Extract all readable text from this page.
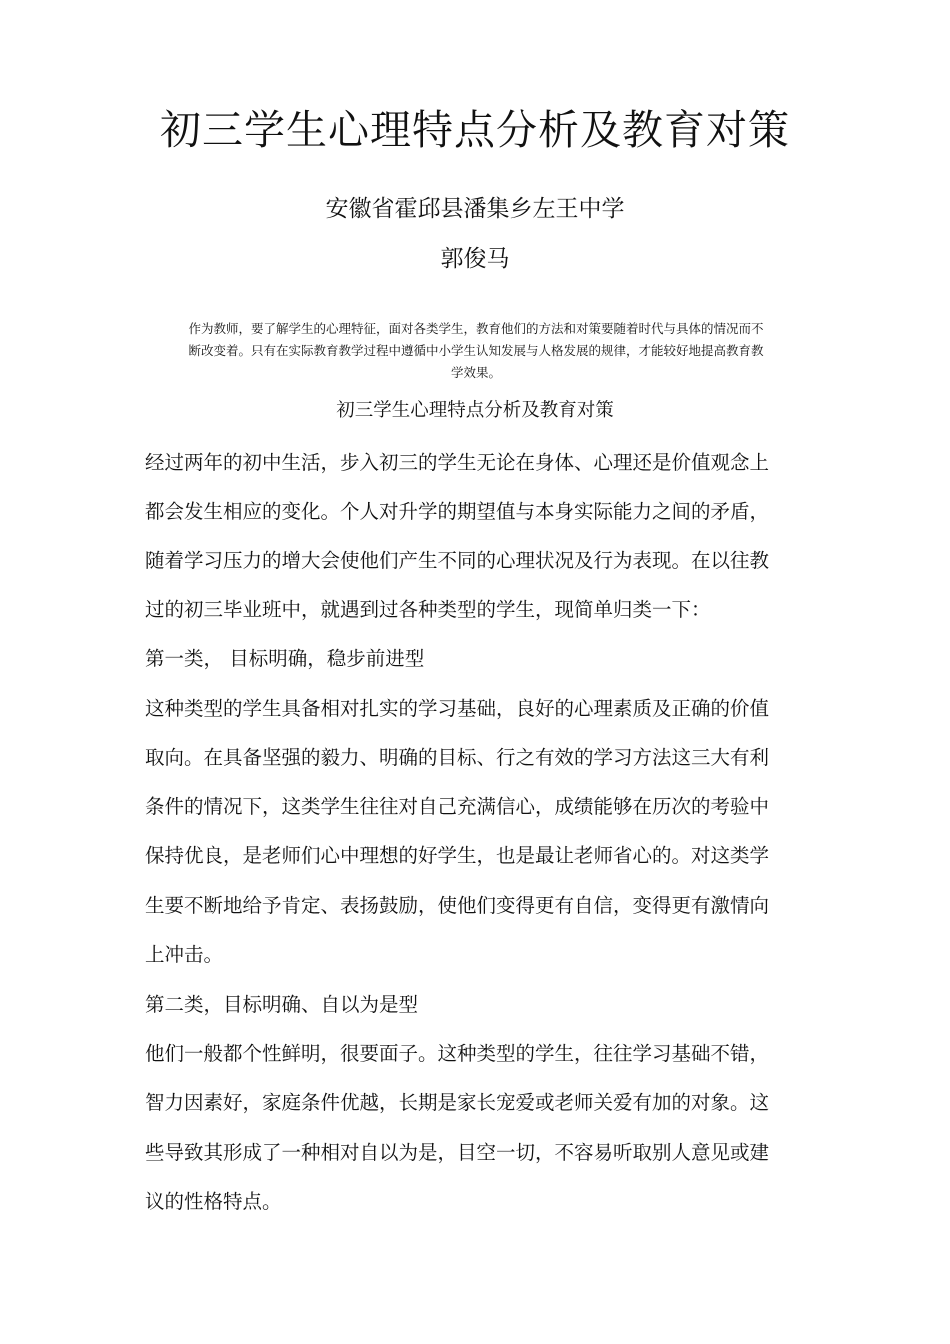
初三学生心理特点分析及教育对策
安徽省霍邱县潘集乡左王中学
郭俊马
作为教师，要了解学生的心理特征，面对各类学生，教育他们的方法和对策要随着时代与具体的情况而不
断改变着。只有在实际教育教学过程中遵循中小学生认知发展与人格发展的规律，才能较好地提高教育教
学效果。
初三学生心理特点分析及教育对策
经过两年的初中生活，步入初三的学生无论在身体、心理还是价值观念上
都会发生相应的变化。个人对升学的期望值与本身实际能力之间的矛盾，
随着学习压力的增大会使他们产生不同的心理状况及行为表现。在以往教
过的初三毕业班中，就遇到过各种类型的学生，现简单归类一下：
第一类， 目标明确，稳步前进型
这种类型的学生具备相对扎实的学习基础，良好的心理素质及正确的价值
取向。在具备坚强的毅力、明确的目标、行之有效的学习方法这三大有利
条件的情况下，这类学生往往对自己充满信心，成绩能够在历次的考验中
保持优良，是老师们心中理想的好学生，也是最让老师省心的。对这类学
生要不断地给予肯定、表扬鼓励，使他们变得更有自信，变得更有激情向
上冲击。
第二类，目标明确、自以为是型
他们一般都个性鲜明，很要面子。这种类型的学生，往往学习基础不错，
智力因素好，家庭条件优越，长期是家长宠爱或老师关爱有加的对象。这
些导致其形成了一种相对自以为是，目空一切，不容易听取别人意见或建
议的性格特点。
